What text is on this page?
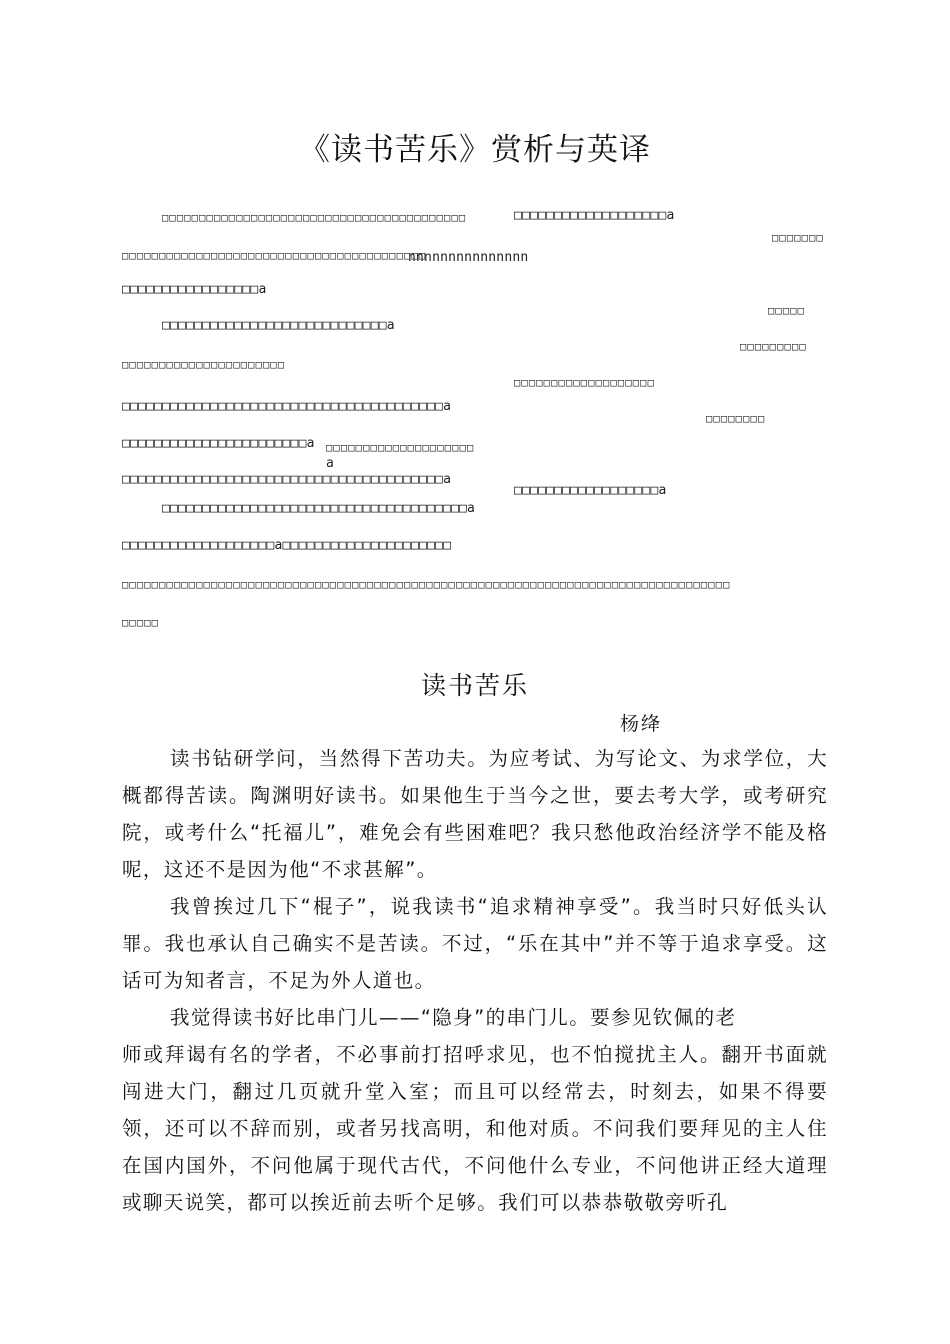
《读书苦乐》赏析与英译
□□□□□□□□□□□□□□□□□□□□□□□□□□□□□□□□□□□□□□□□□	□□□□□□□□□□□□□□□□□□□a
□□□□□□□
□□□□□□□□□□□□□□□□□□□□□□□□□□□□□□□□□□□□□□□□□
nnnnnnnnnnnnnnn
□□□□□□□□□□□□□□□□□a
□□□□□
□□□□□□□□□□□□□□□□□□□□□□□□□□□□a
□□□□□□□□□
□□□□□□□□□□□□□□□□□□□□□□
□□□□□□□□□□□□□□□□□□□
□□□□□□□□□□□□□□□□□□□□□□□□□□□□□□□□□□□□□□□□a
□□□□□□□□
□□□□□□□□□□□□□□□□□□□□□□□a □□□□□□□□□□□□□□□□□□□□
a
□□□□□□□□□□□□□□□□□□□□□□□□□□□□□□□□□□□□□□□□a
□□□□□□□□□□□□□□□□□□a
□□□□□□□□□□□□□□□□□□□□□□□□□□□□□□□□□□□□□□a
□□□□□□□□□□□□□□□□□□□a□□□□□□□□□□□□□□□□□□□□□
□□□□□□□□□□□□□□□□□□□□□□□□□□□□□□□□□□□□□□□□□□□□□□□□□□□□□□□□□□□□□□□□□□□□□□□□□□□□□□□□□□
□□□□□
读书苦乐
杨绛

读书钻研学问，当然得下苦功夫。为应考试、为写论文、为求学位，大概都得苦读。陶渊明好读书。如果他生于当今之世，要去考大学，或考研究院，或考什么“托福儿”，难免会有些困难吧？我只愁他政治经济学不能及格呢，这还不是因为他“不求甚解”。

我曾挨过几下“棍子”，说我读书“追求精神享受”。我当时只好低头认罪。我也承认自己确实不是苦读。不过，“乐在其中”并不等于追求享受。这话可为知者言，不足为外人道也。

我觉得读书好比串门儿——“隐身”的串门儿。要参见钦佩的老

师或拜谒有名的学者，不必事前打招呼求见，也不怕搅扰主人。翻开书面就闯进大门，翻过几页就升堂入室；而且可以经常去，时刻去，如果不得要领，还可以不辞而别，或者另找高明，和他对质。不问我们要拜见的主人住在国内国外，不问他属于现代古代，不问他什么专业，不问他讲正经大道理或聊天说笑，都可以挨近前去听个足够。我们可以恭恭敬敬旁听孔
